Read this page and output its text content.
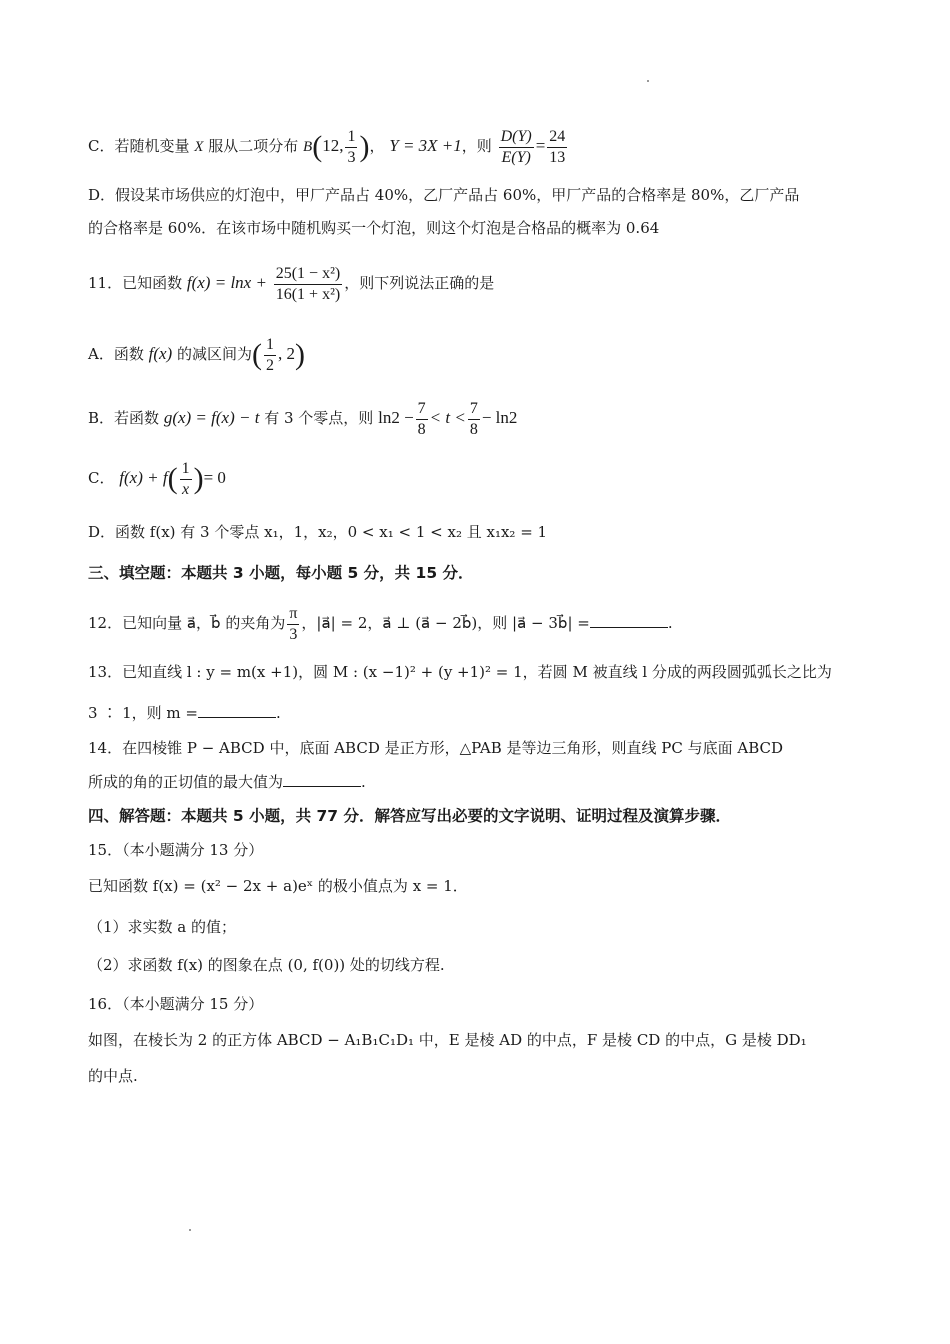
C．若随机变量 X 服从二项分布 B(12, $\frac{1}{3}$ )， Y = 3X +1，则 $\frac{D(Y)}{E(Y)} = \frac{24}{13}$
D．假设某市场供应的灯泡中，甲厂产品占 40%，乙厂产品占 60%，甲厂产品的合格率是 80%，乙厂产品
的合格率是 60%．在该市场中随机购买一个灯泡，则这个灯泡是合格品的概率为 0.64
11．已知函数 $f(x) = \ln x + \frac{\text{25(1 − x²)}}{\text{16(1 + x²)}}$ ，则下列说法正确的是
A．函数 f(x) 的减区间为( $\frac{1}{2}$ , 2)
B．若函数 g(x) = f(x) − t 有 3 个零点，则 $\ln 2 - \frac{7}{8} < t < \frac{7}{8} - \ln 2$
C． $f(x) + f( \frac{1}{x}$ )= 0
D．函数 f(x) 有 3 个零点 x₁，1，x₂，0 < x₁ < 1 < x₂ 且 x₁x₂ = 1
三、填空题：本题共 3 小题，每小题 5 分，共 15 分．
12．已知向量 a⃗，b⃗ 的夹角为 $\frac{\pi}{3}$ ，|a⃗| = 2，a⃗ ⊥ (a⃗ − 2b⃗)，则 |a⃗ − 3b⃗| =	.
13．已知直线 l : y = m(x +1)，圆 M : (x −1)² + (y +1)² = 1，若圆 M 被直线 l 分成的两段圆弧弧长之比为
3 ∶ 1，则 m =	.
14．在四棱锥 P − ABCD 中，底面 ABCD 是正方形，△PAB 是等边三角形，则直线 PC 与底面 ABCD
所成的角的正切值的最大值为	.
四、解答题：本题共 5 小题，共 77 分．解答应写出必要的文字说明、证明过程及演算步骤．
15．（本小题满分 13 分）
已知函数 f(x) = (x² − 2x + a)eˣ 的极小值点为 x = 1．
（1）求实数 a 的值；
（2）求函数 f(x) 的图象在点 (0, f(0)) 处的切线方程.
16．（本小题满分 15 分）
如图，在棱长为 2 的正方体 ABCD − A₁B₁C₁D₁ 中，E 是棱 AD 的中点，F 是棱 CD 的中点，G 是棱 DD₁
的中点.
